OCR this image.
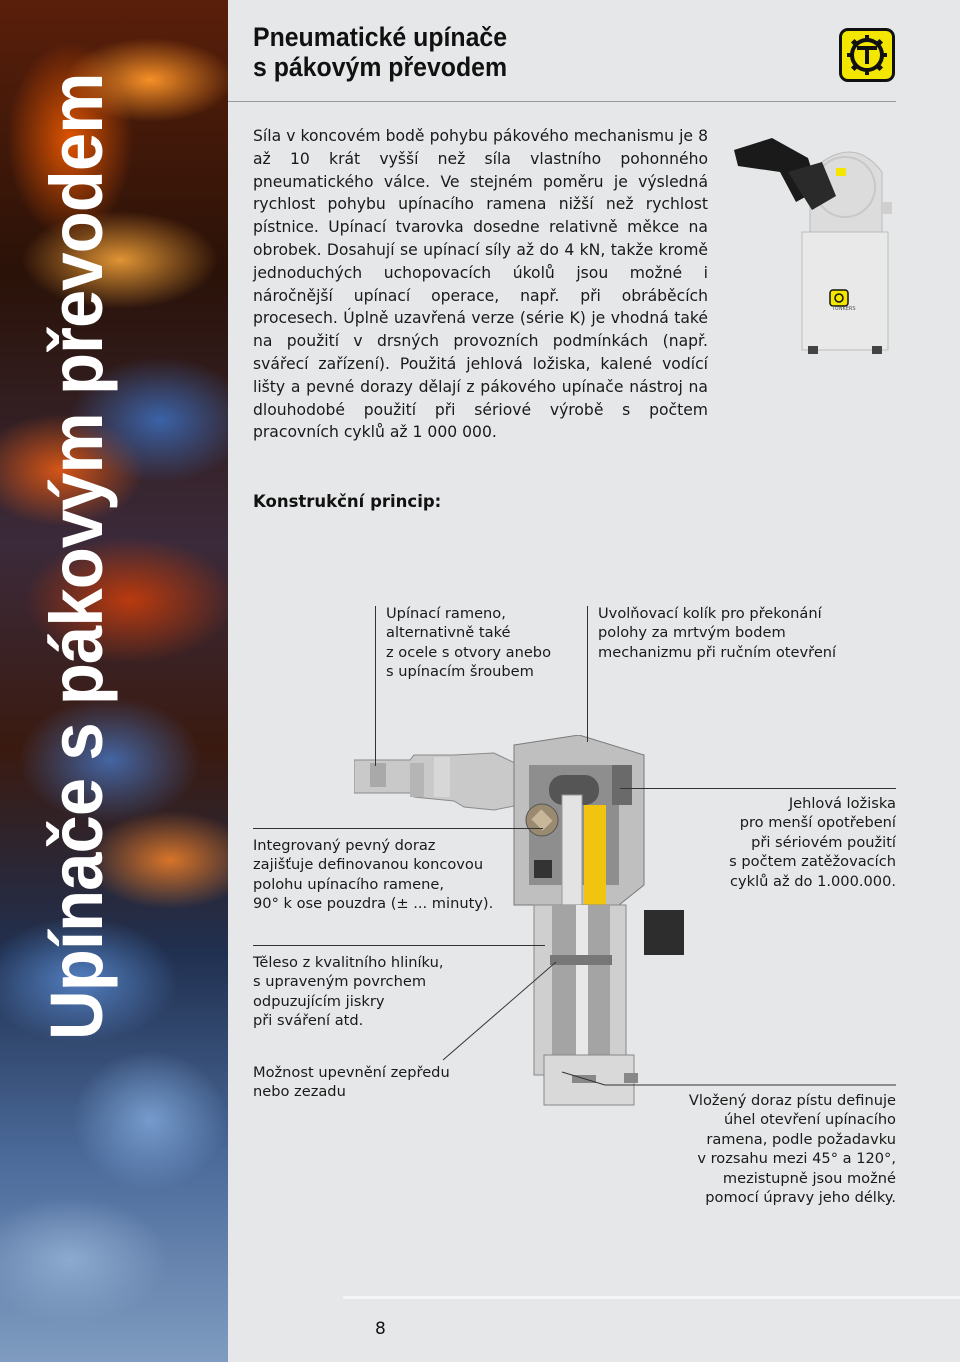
Upínače s pákovým převodem
Pneumatické upínače
s pákovým převodem
Síla v koncovém bodě pohybu pákového mechanismu je 8 až 10 krát vyšší než síla vlastního pohonného pneumatického válce. Ve stejném poměru je výsledná rychlost pohybu upínacího ramena nižší než rychlost pístnice. Upínací tvarovka dosedne relativně měkce na obrobek. Dosahují se upínací síly až do 4 kN, takže kromě jednoduchých uchopovacích úkolů jsou možné i náročnější upínací operace, např. při obráběcích procesech. Úplně uzavřená verze (série K) je vhodná také na použití v drsných provozních podmínkách (např. svářecí zařízení). Použitá jehlová ložiska, kalené vodící lišty a pevné dorazy dělají z pákového upínače nástroj na dlouhodobé použití při sériové výrobě s počtem pracovních cyklů až 1 000 000.
TÜNKERS
Konstrukční princip:
Upínací rameno,
alternativně také
z ocele s otvory anebo
s upínacím šroubem
Uvolňovací kolík pro překonání
polohy za mrtvým bodem
mechanizmu při ručním otevření
Integrovaný pevný doraz
zajišťuje definovanou koncovou
polohu upínacího ramene,
90° k ose pouzdra (± ... minuty).
Jehlová ložiska
pro menší opotřebení
při sériovém použití
s počtem zatěžovacích
cyklů až do 1.000.000.
Těleso z kvalitního hliníku,
s upraveným povrchem
odpuzujícím jiskry
při sváření atd.
Možnost upevnění zepředu
nebo zezadu
Vložený doraz pístu definuje
úhel otevření upínacího
ramena, podle požadavku
v rozsahu mezi 45° a 120°,
mezistupně jsou možné
pomocí úpravy jeho délky.
8
